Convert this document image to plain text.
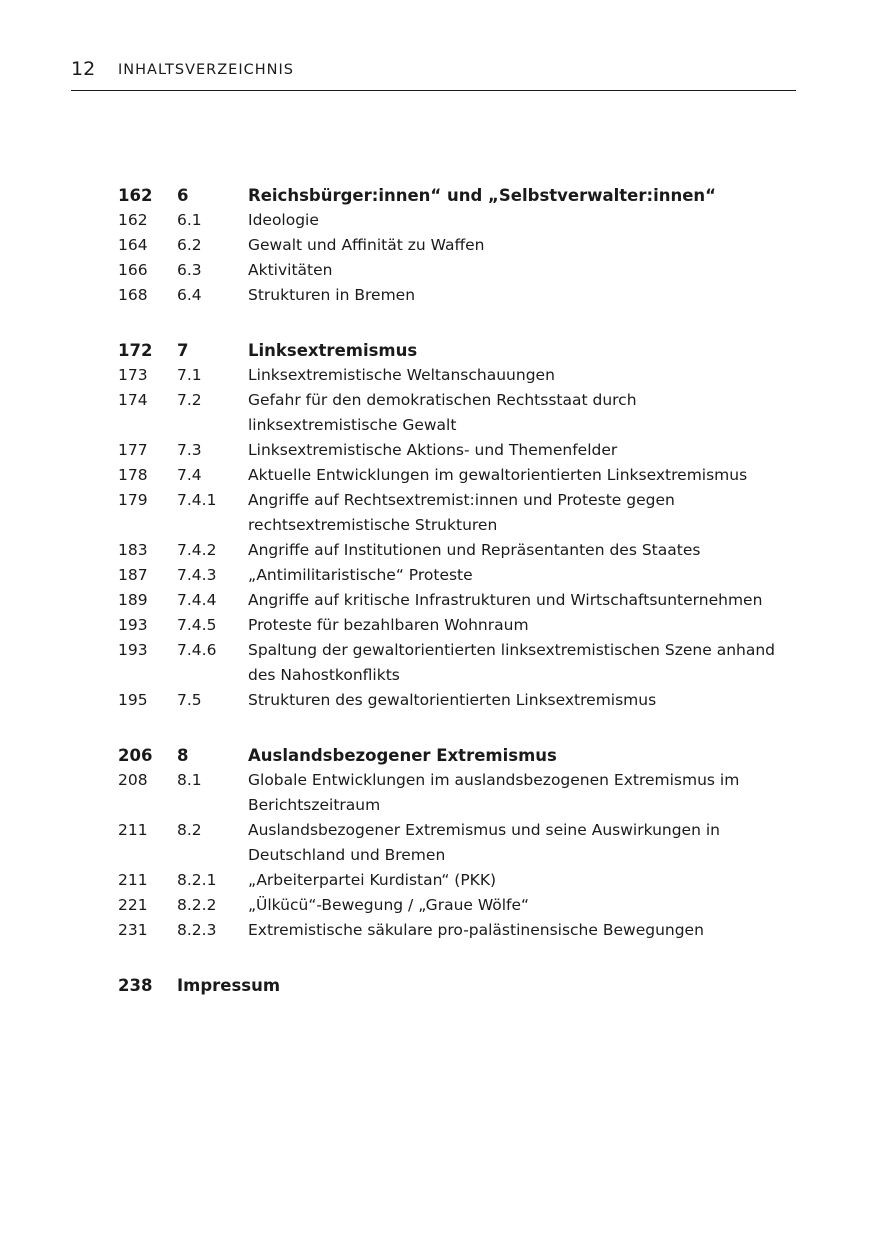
12 INHALTSVERZEICHNIS
162 6	Reichsbürger:innen“ und „Selbstverwalter:innen“
162 6.1	Ideologie
164 6.2	Gewalt und Affinität zu Waffen
166 6.3	Aktivitäten
168 6.4	Strukturen in Bremen
172 7	Linksextremismus
173 7.1	Linksextremistische Weltanschauungen
174 7.2	Gefahr für den demokratischen Rechtsstaat durch
linksextremistische Gewalt
177 7.3	Linksextremistische Aktions- und Themenfelder
178 7.4	Aktuelle Entwicklungen im gewaltorientierten Linksextremismus
179 7.4.1 Angriffe auf Rechtsextremist:innen und Proteste gegen
rechtsextremistische Strukturen
183 7.4.2 Angriffe auf Institutionen und Repräsentanten des Staates
187 7.4.3 „Antimilitaristische“ Proteste
189 7.4.4 Angriffe auf kritische Infrastrukturen und Wirtschaftsunternehmen
193 7.4.5 Proteste für bezahlbaren Wohnraum
193 7.4.6 Spaltung der gewaltorientierten linksextremistischen Szene anhand
des Nahostkonflikts
195 7.5	Strukturen des gewaltorientierten Linksextremismus
206 8	Auslandsbezogener Extremismus
208 8.1	Globale Entwicklungen im auslandsbezogenen Extremismus im
Berichtszeitraum
211 8.2	Auslandsbezogener Extremismus und seine Auswirkungen in
Deutschland und Bremen
211 8.2.1 „Arbeiterpartei Kurdistan“ (PKK)
221 8.2.2 „Ülkücü“-Bewegung / „Graue Wölfe“
231 8.2.3 Extremistische säkulare pro-palästinensische Bewegungen
238 Impressum
